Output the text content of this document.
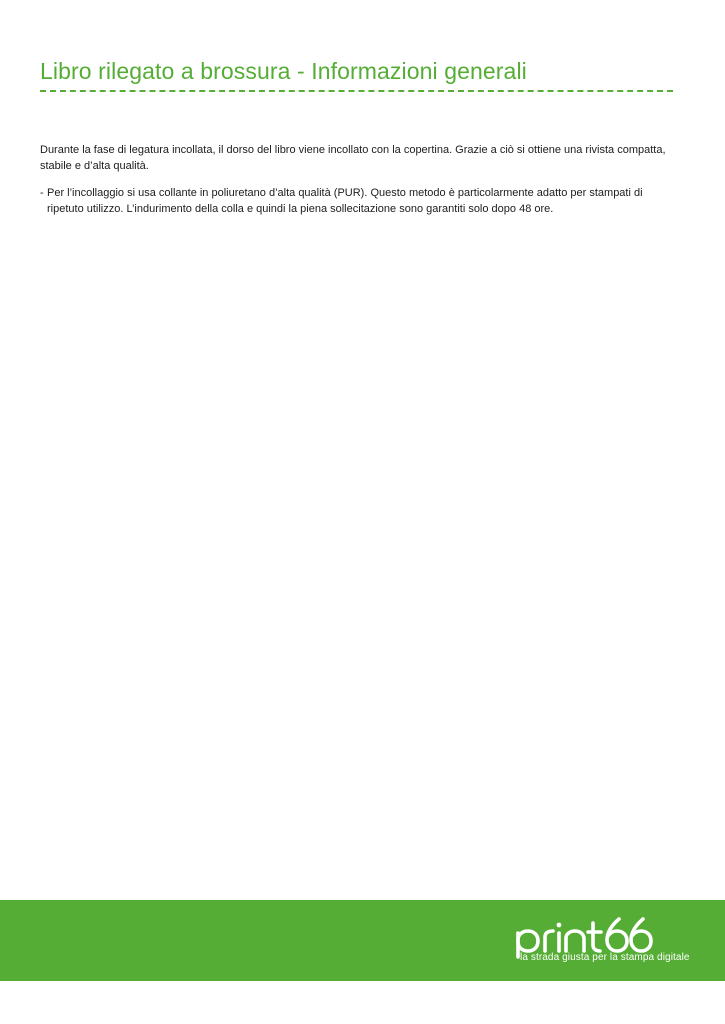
Libro rilegato a brossura - Informazioni generali

Durante la fase di legatura incollata, il dorso del libro viene incollato con la copertina. Grazie a ciò si ottiene una rivista compatta, stabile e d’alta qualità.

- Per l’incollaggio si usa collante in poliuretano d’alta qualità (PUR). Questo metodo è particolarmente adatto per stampati di ripetuto utilizzo. L’indurimento della colla e quindi la piena sollecitazione sono garantiti solo dopo 48 ore.
la strada giusta per la stampa digitale
